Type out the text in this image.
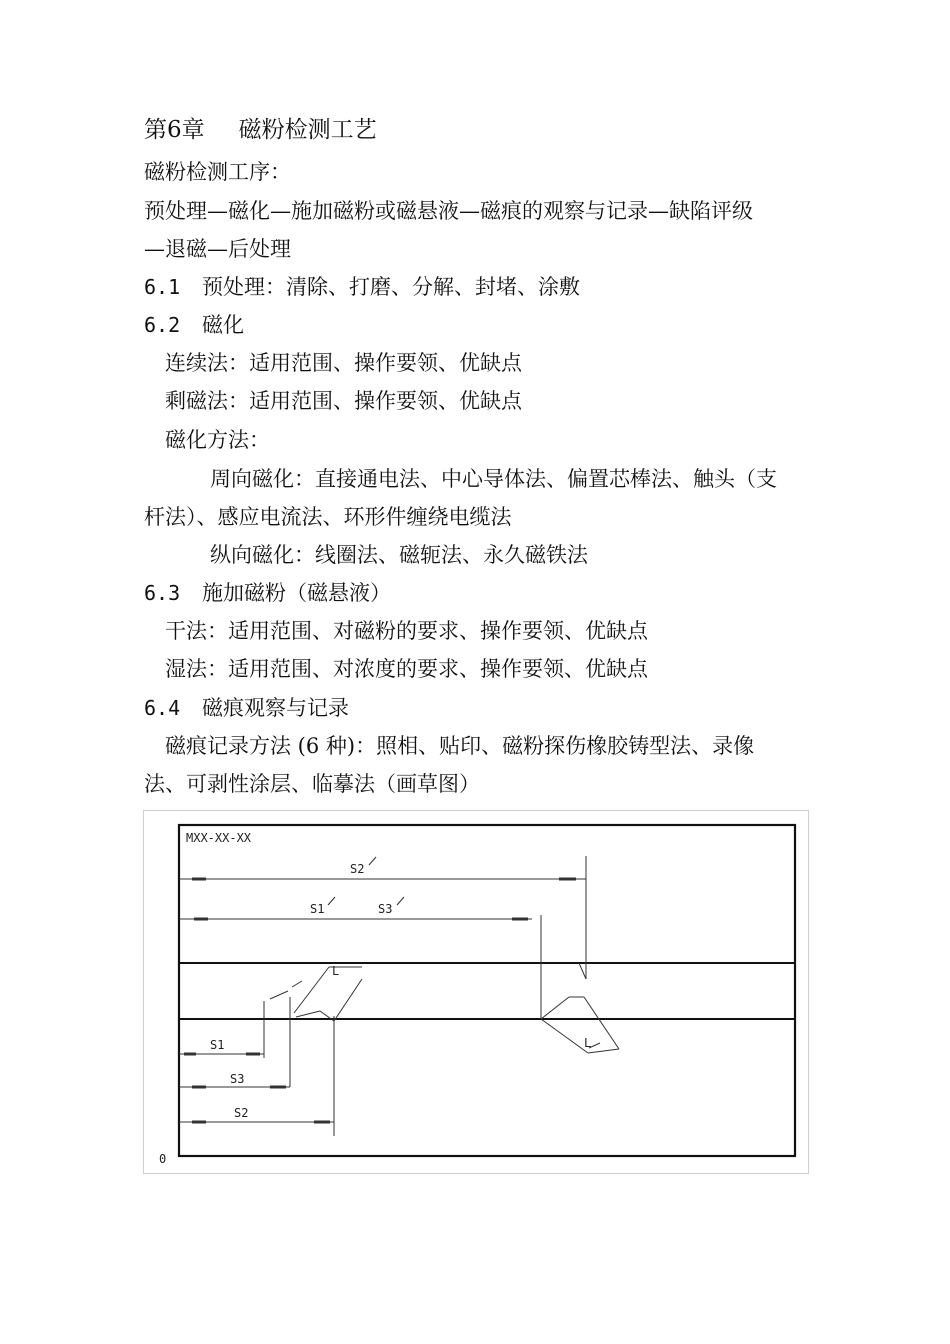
第6章 磁粉检测工艺
磁粉检测工序：
预处理—磁化—施加磁粉或磁悬液—磁痕的观察与记录—缺陷评级
—退磁—后处理
6.1 预处理：清除、打磨、分解、封堵、涂敷
6.2 磁化
连续法：适用范围、操作要领、优缺点
剩磁法：适用范围、操作要领、优缺点
磁化方法：
周向磁化：直接通电法、中心导体法、偏置芯棒法、触头（支
杆法）、感应电流法、环形件缠绕电缆法
纵向磁化：线圈法、磁轭法、永久磁铁法
6.3 施加磁粉（磁悬液）
干法：适用范围、对磁粉的要求、操作要领、优缺点
湿法：适用范围、对浓度的要求、操作要领、优缺点
6.4 磁痕观察与记录
磁痕记录方法 (6 种)：照相、贴印、磁粉探伤橡胶铸型法、录像
法、可剥性涂层、临摹法（画草图）
MXX-XX-XX
S2
S1	S3
L
L
S1
S3
S2
0
